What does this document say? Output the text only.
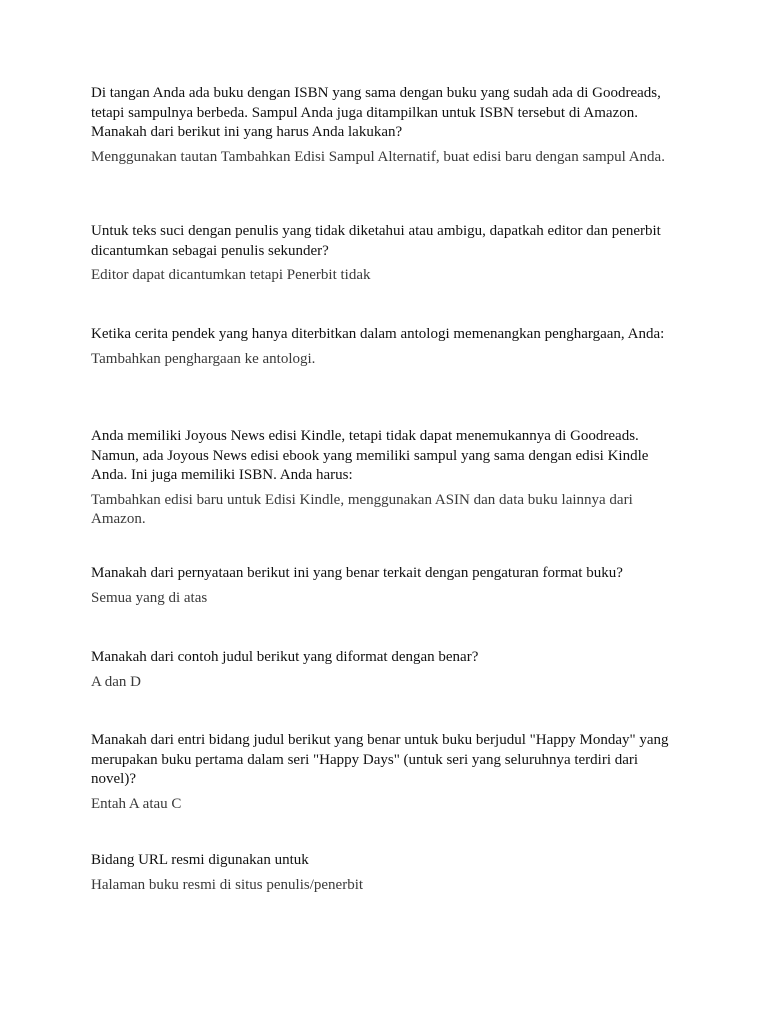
Di tangan Anda ada buku dengan ISBN yang sama dengan buku yang sudah ada di Goodreads, tetapi sampulnya berbeda. Sampul Anda juga ditampilkan untuk ISBN tersebut di Amazon. Manakah dari berikut ini yang harus Anda lakukan?

Menggunakan tautan Tambahkan Edisi Sampul Alternatif, buat edisi baru dengan sampul Anda.

Untuk teks suci dengan penulis yang tidak diketahui atau ambigu, dapatkah editor dan penerbit dicantumkan sebagai penulis sekunder?

Editor dapat dicantumkan tetapi Penerbit tidak

Ketika cerita pendek yang hanya diterbitkan dalam antologi memenangkan penghargaan, Anda:

Tambahkan penghargaan ke antologi.

Anda memiliki Joyous News edisi Kindle, tetapi tidak dapat menemukannya di Goodreads. Namun, ada Joyous News edisi ebook yang memiliki sampul yang sama dengan edisi Kindle Anda. Ini juga memiliki ISBN. Anda harus:

Tambahkan edisi baru untuk Edisi Kindle, menggunakan ASIN dan data buku lainnya dari Amazon.

Manakah dari pernyataan berikut ini yang benar terkait dengan pengaturan format buku?

Semua yang di atas

Manakah dari contoh judul berikut yang diformat dengan benar?

A dan D

Manakah dari entri bidang judul berikut yang benar untuk buku berjudul "Happy Monday" yang merupakan buku pertama dalam seri "Happy Days" (untuk seri yang seluruhnya terdiri dari novel)?

Entah A atau C

Bidang URL resmi digunakan untuk

Halaman buku resmi di situs penulis/penerbit
